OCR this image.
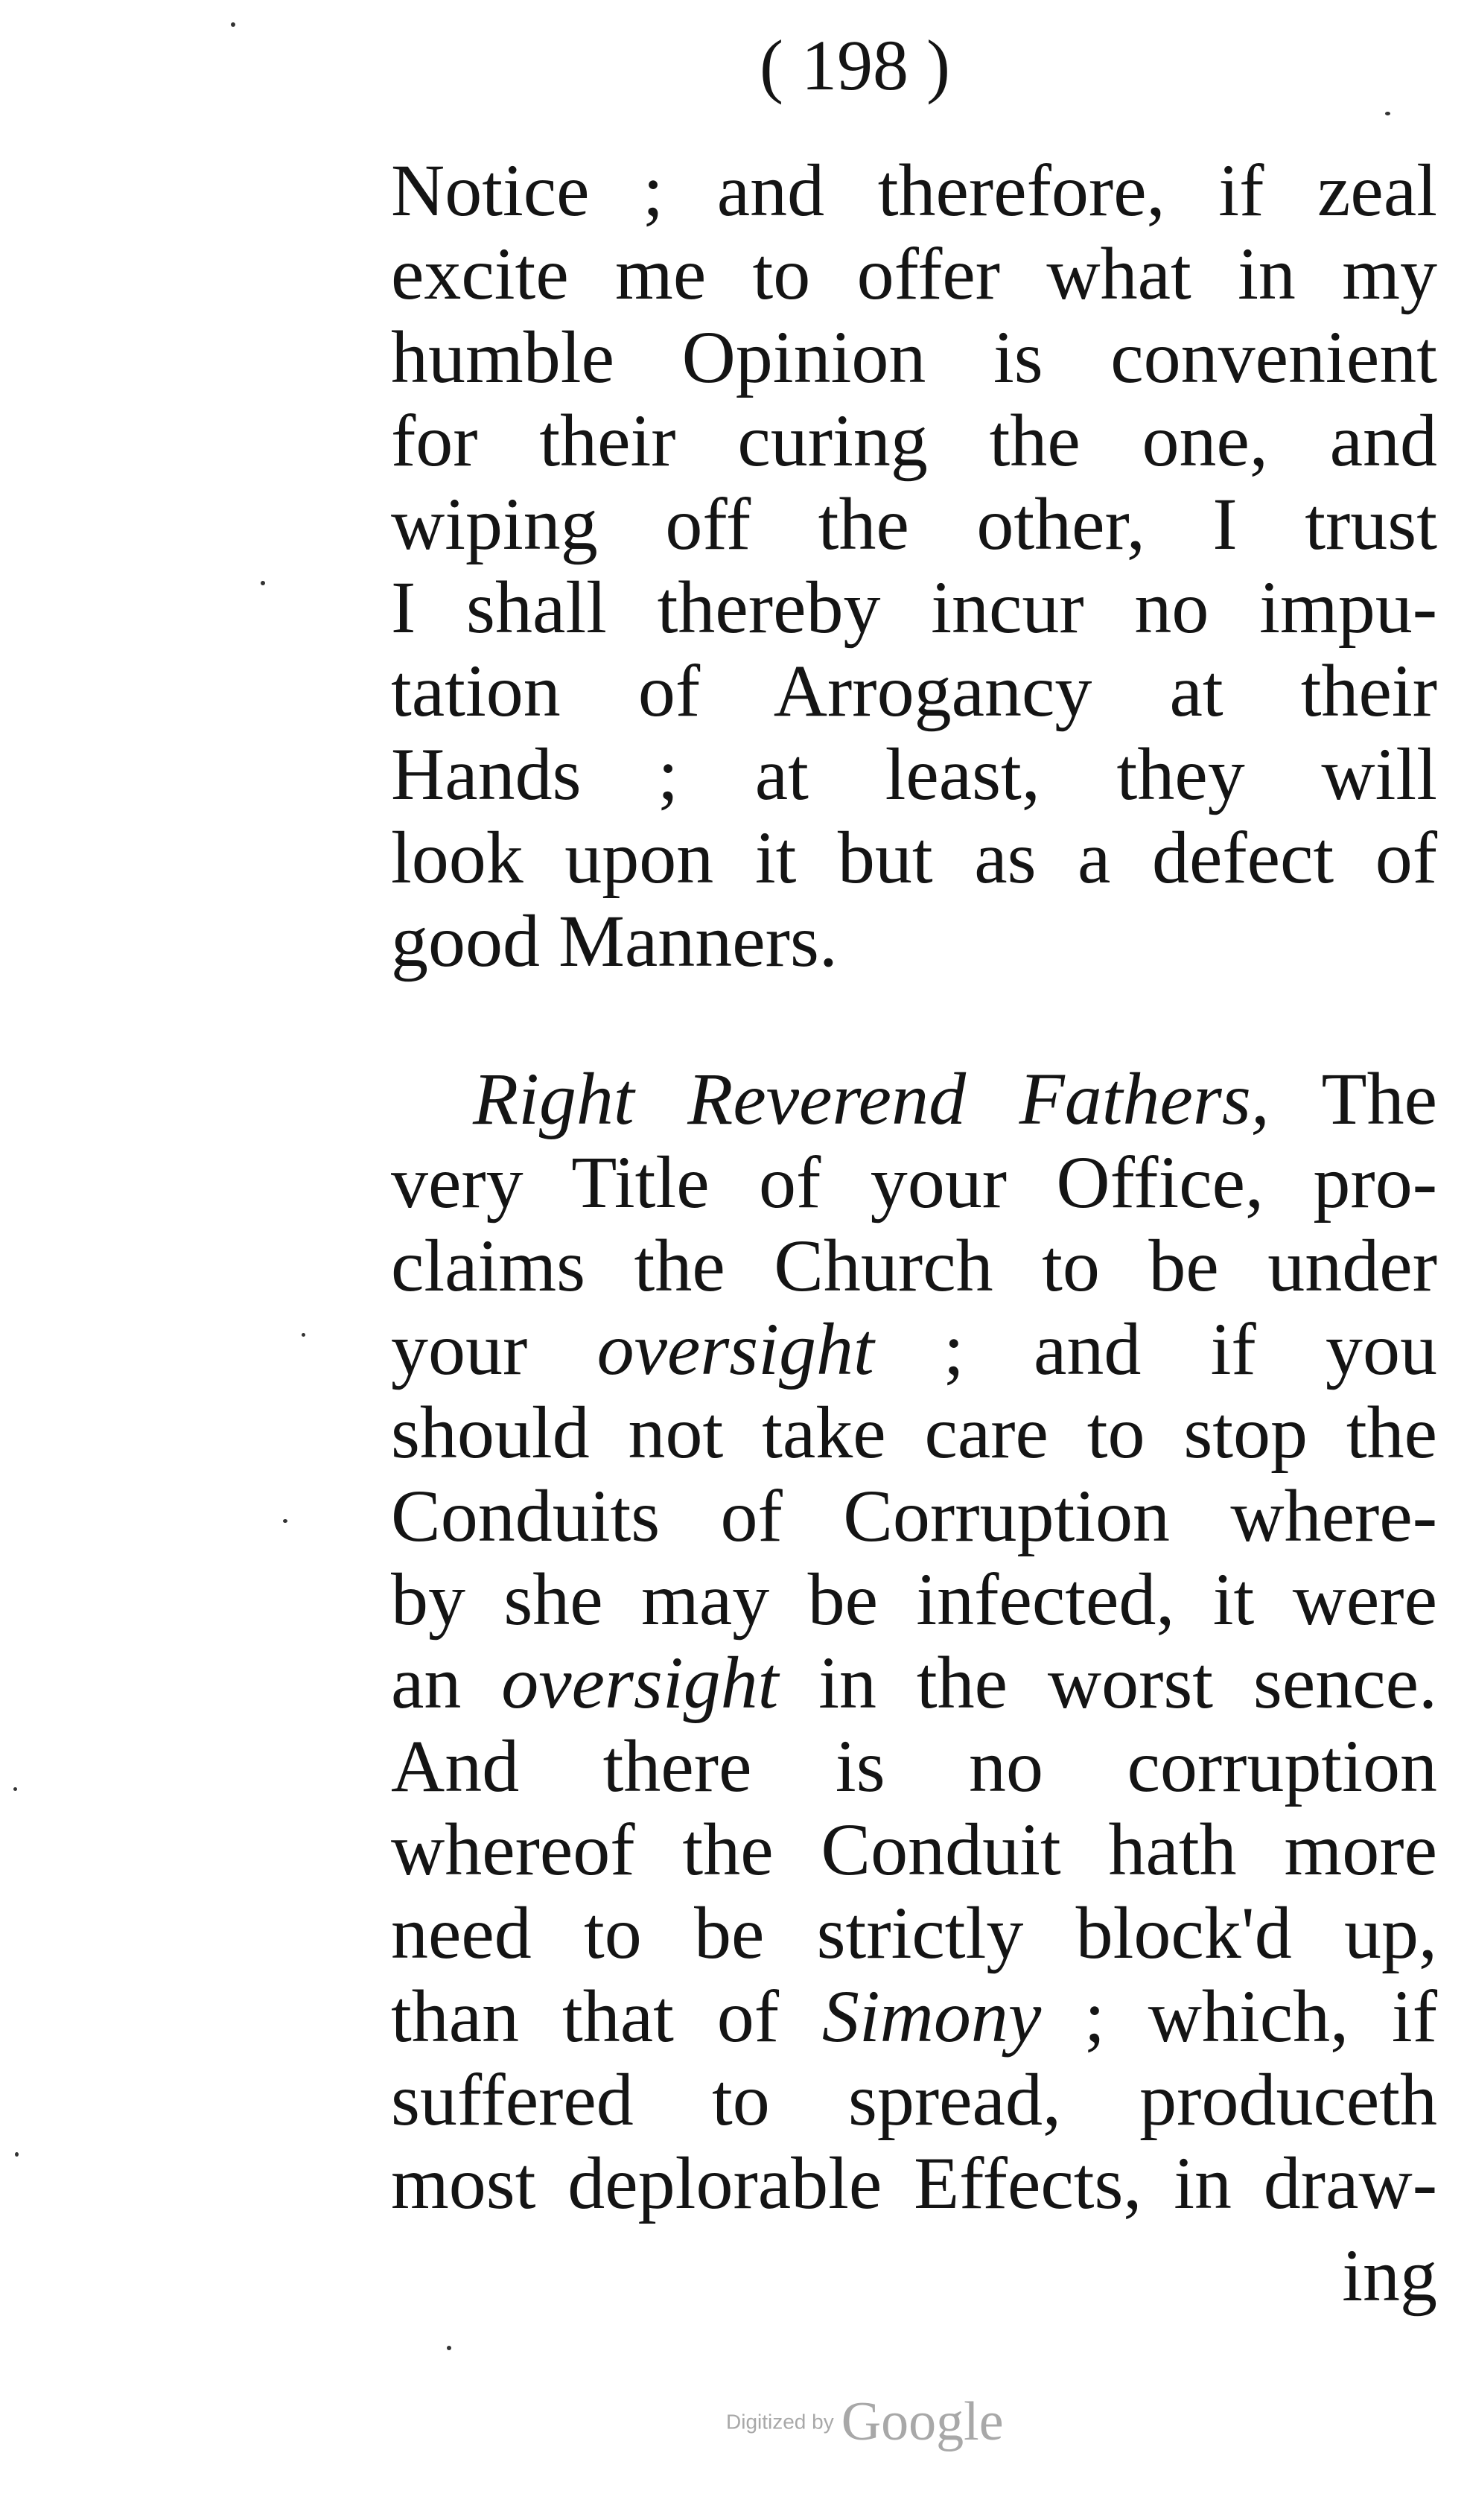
( 198 )
Notice ; and therefore, if zeal
excite me to offer what in my
humble Opinion is convenient
for their curing the one, and
wiping off the other, I trust
I shall thereby incur no impu-
tation of Arrogancy at their
Hands ; at least, they will
look upon it but as a defect of
good Manners.
Right Reverend Fathers, The
very Title of your Office, pro-
claims the Church to be under
your oversight ; and if you
should not take care to stop the
Conduits of Corruption where-
by she may be infected, it were
an oversight in the worst sence.
And there is no corruption
whereof the Conduit hath more
need to be strictly block'd up,
than that of Simony ; which, if
suffered to spread, produceth
most deplorable Effects, in draw-
ing
Digitized by Google
